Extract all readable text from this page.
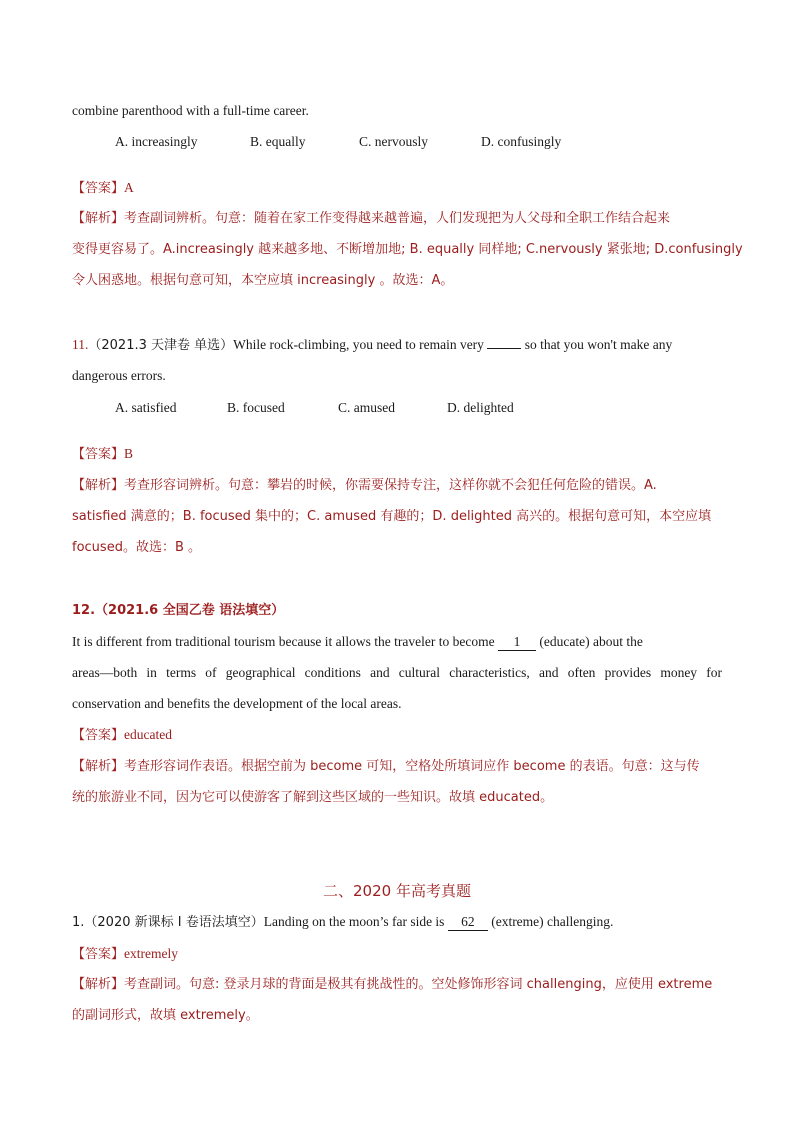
combine parenthood with a full-time career.
A. increasingly	B. equally	C. nervously	D. confusingly
【答案】A
【解析】考查副词辨析。句意：随着在家工作变得越来越普遍，人们发现把为人父母和全职工作结合起来
变得更容易了。A.increasingly 越来越多地、不断增加地; B. equally 同样地; C.nervously 紧张地; D.confusingly
令人困惑地。根据句意可知，本空应填 increasingly 。故选：A。
11.（2021.3 天津卷 单选）While rock-climbing, you need to remain very	so that you won't make any
dangerous errors.
A. satisfied	B. focused	C. amused	D. delighted
【答案】B
【解析】考查形容词辨析。句意：攀岩的时候，你需要保持专注，这样你就不会犯任何危险的错误。A.
satisfied 满意的；B. focused 集中的；C. amused 有趣的；D. delighted 高兴的。根据句意可知，本空应填
focused。故选：B 。
12.（2021.6 全国乙卷 语法填空）
It is different from traditional tourism because it allows the traveler to become 1 (educate) about the
areas—both in terms of geographical conditions and cultural characteristics, and often provides money for
conservation and benefits the development of the local areas.
【答案】educated
【解析】考查形容词作表语。根据空前为 become 可知，空格处所填词应作 become 的表语。句意：这与传
统的旅游业不同，因为它可以使游客了解到这些区域的一些知识。故填 educated。
二、2020 年高考真题
1.（2020 新课标 I 卷语法填空）Landing on the moon’s far side is 62 (extreme) challenging.
【答案】extremely
【解析】考查副词。句意: 登录月球的背面是极其有挑战性的。空处修饰形容词 challenging，应使用 extreme
的副词形式，故填 extremely。
